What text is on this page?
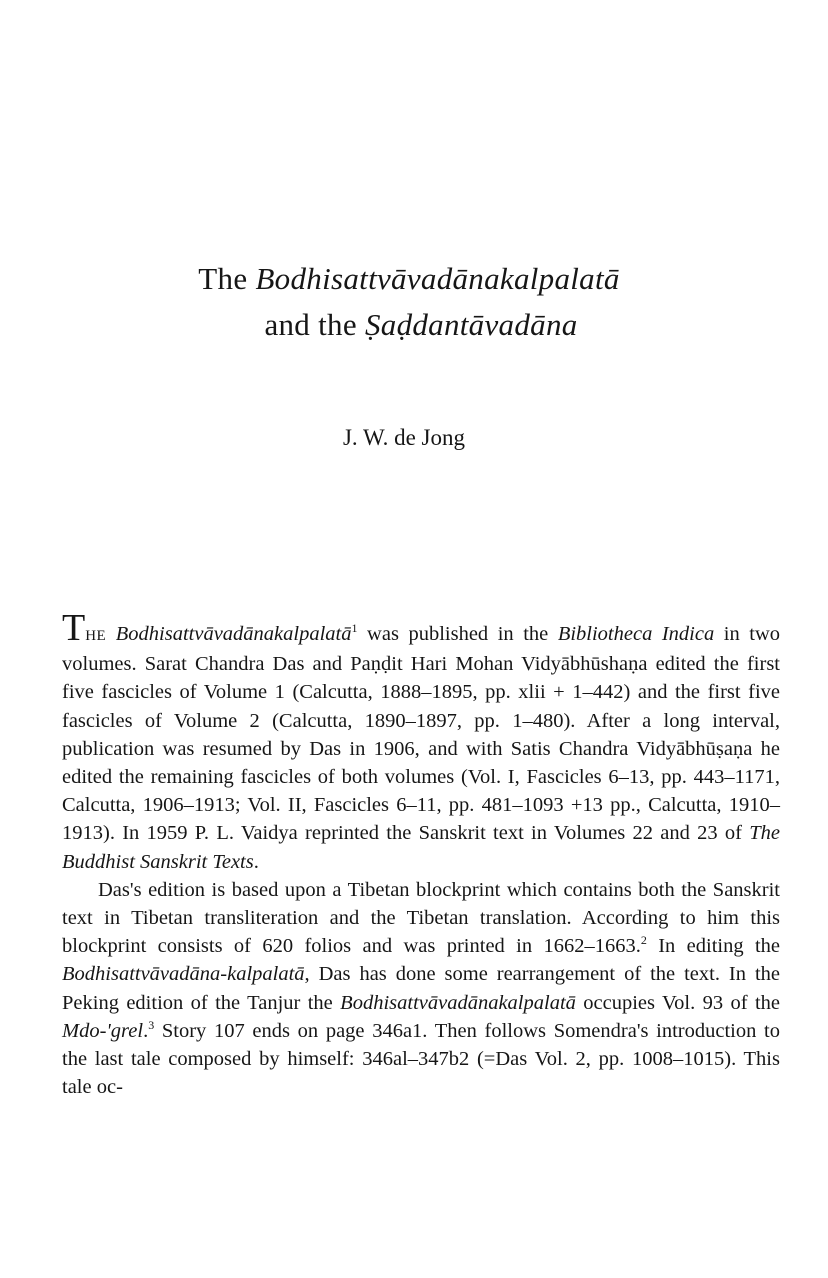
The Bodhisattvāvadānakalpalatā
and the Ṣaḍdantāvadāna
J. W. de Jong

THE Bodhisattvāvadānakalpalatā$^1$ was published in the Bibliotheca Indica in two volumes. Sarat Chandra Das and Paṇḍit Hari Mohan Vidyābhūshaṇa edited the first five fascicles of Volume 1 (Calcutta, 1888–1895, pp. xlii + 1–442) and the first five fascicles of Volume 2 (Calcutta, 1890–1897, pp. 1–480). After a long interval, publication was resumed by Das in 1906, and with Satis Chandra Vidyābhūṣaṇa he edited the remaining fascicles of both volumes (Vol. I, Fascicles 6–13, pp. 443–1171, Calcutta, 1906–1913; Vol. II, Fascicles 6–11, pp. 481–1093 +13 pp., Calcutta, 1910–1913). In 1959 P. L. Vaidya reprinted the Sanskrit text in Volumes 22 and 23 of The Buddhist Sanskrit Texts.

Das's edition is based upon a Tibetan blockprint which contains both the Sanskrit text in Tibetan transliteration and the Tibetan translation. According to him this blockprint consists of 620 folios and was printed in 1662–1663.$^2$ In editing the Bodhisattvāvadāna-kalpalatā, Das has done some rearrangement of the text. In the Peking edition of the Tanjur the Bodhisattvāvadānakalpalatā occupies Vol. 93 of the Mdo-'grel.$^3$ Story 107 ends on page 346a1. Then follows Somendra's introduction to the last tale composed by himself: 346al–347b2 (=Das Vol. 2, pp. 1008–1015). This tale oc-
